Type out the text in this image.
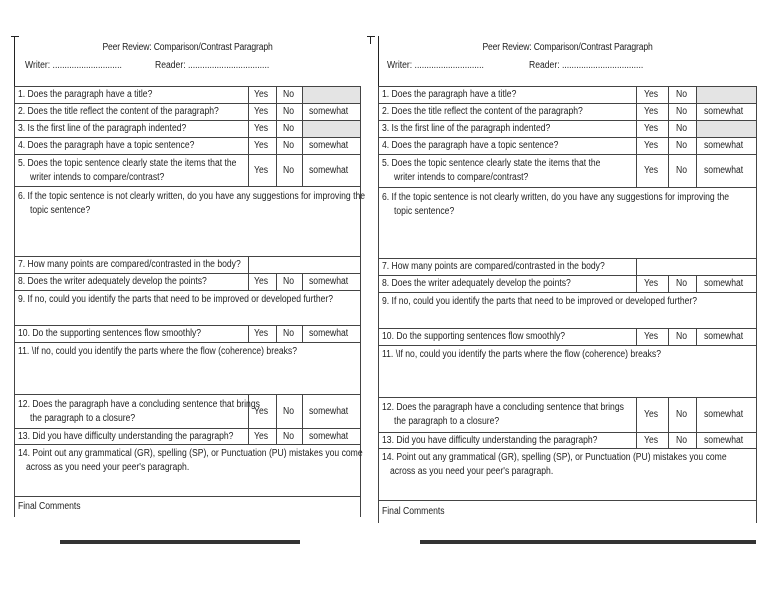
Peer Review: Comparison/Contrast Paragraph
Writer: .............................	Reader: ..................................
1. Does the paragraph have a title?	Yes	No	
2. Does the title reflect the content of the paragraph?	Yes	No	somewhat
3. Is the first line of the paragraph indented?	Yes	No	
4. Does the paragraph have a topic sentence?	Yes	No	somewhat
5. Does the topic sentence clearly state the items that the
writer intends to compare/contrast?	Yes	No	somewhat
6. If the topic sentence is not clearly written, do you have any suggestions for improving the
topic sentence?			
7. How many points are compared/contrasted in the body?			
8. Does the writer adequately develop the points?	Yes	No	somewhat
9. If no, could you identify the parts that need to be improved or developed further?			
10. Do the supporting sentences flow smoothly?	Yes	No	somewhat
11. \If no, could you identify the parts where the flow (coherence) breaks?			
12. Does the paragraph have a concluding sentence that brings
the paragraph to a closure?	Yes	No	somewhat
13. Did you have difficulty understanding the paragraph?	Yes	No	somewhat
14. Point out any grammatical (GR), spelling (SP), or Punctuation (PU) mistakes you come
across as you need your peer's paragraph.			
Final Comments			
Peer Review: Comparison/Contrast Paragraph
Writer: .............................	Reader: ..................................
1. Does the paragraph have a title?	Yes	No	
2. Does the title reflect the content of the paragraph?	Yes	No	somewhat
3. Is the first line of the paragraph indented?	Yes	No	
4. Does the paragraph have a topic sentence?	Yes	No	somewhat
5. Does the topic sentence clearly state the items that the
writer intends to compare/contrast?	Yes	No	somewhat
6. If the topic sentence is not clearly written, do you have any suggestions for improving the
topic sentence?			
7. How many points are compared/contrasted in the body?			
8. Does the writer adequately develop the points?	Yes	No	somewhat
9. If no, could you identify the parts that need to be improved or developed further?			
10. Do the supporting sentences flow smoothly?	Yes	No	somewhat
11. \If no, could you identify the parts where the flow (coherence) breaks?			
12. Does the paragraph have a concluding sentence that brings
the paragraph to a closure?	Yes	No	somewhat
13. Did you have difficulty understanding the paragraph?	Yes	No	somewhat
14. Point out any grammatical (GR), spelling (SP), or Punctuation (PU) mistakes you come
across as you need your peer's paragraph.			
Final Comments			
